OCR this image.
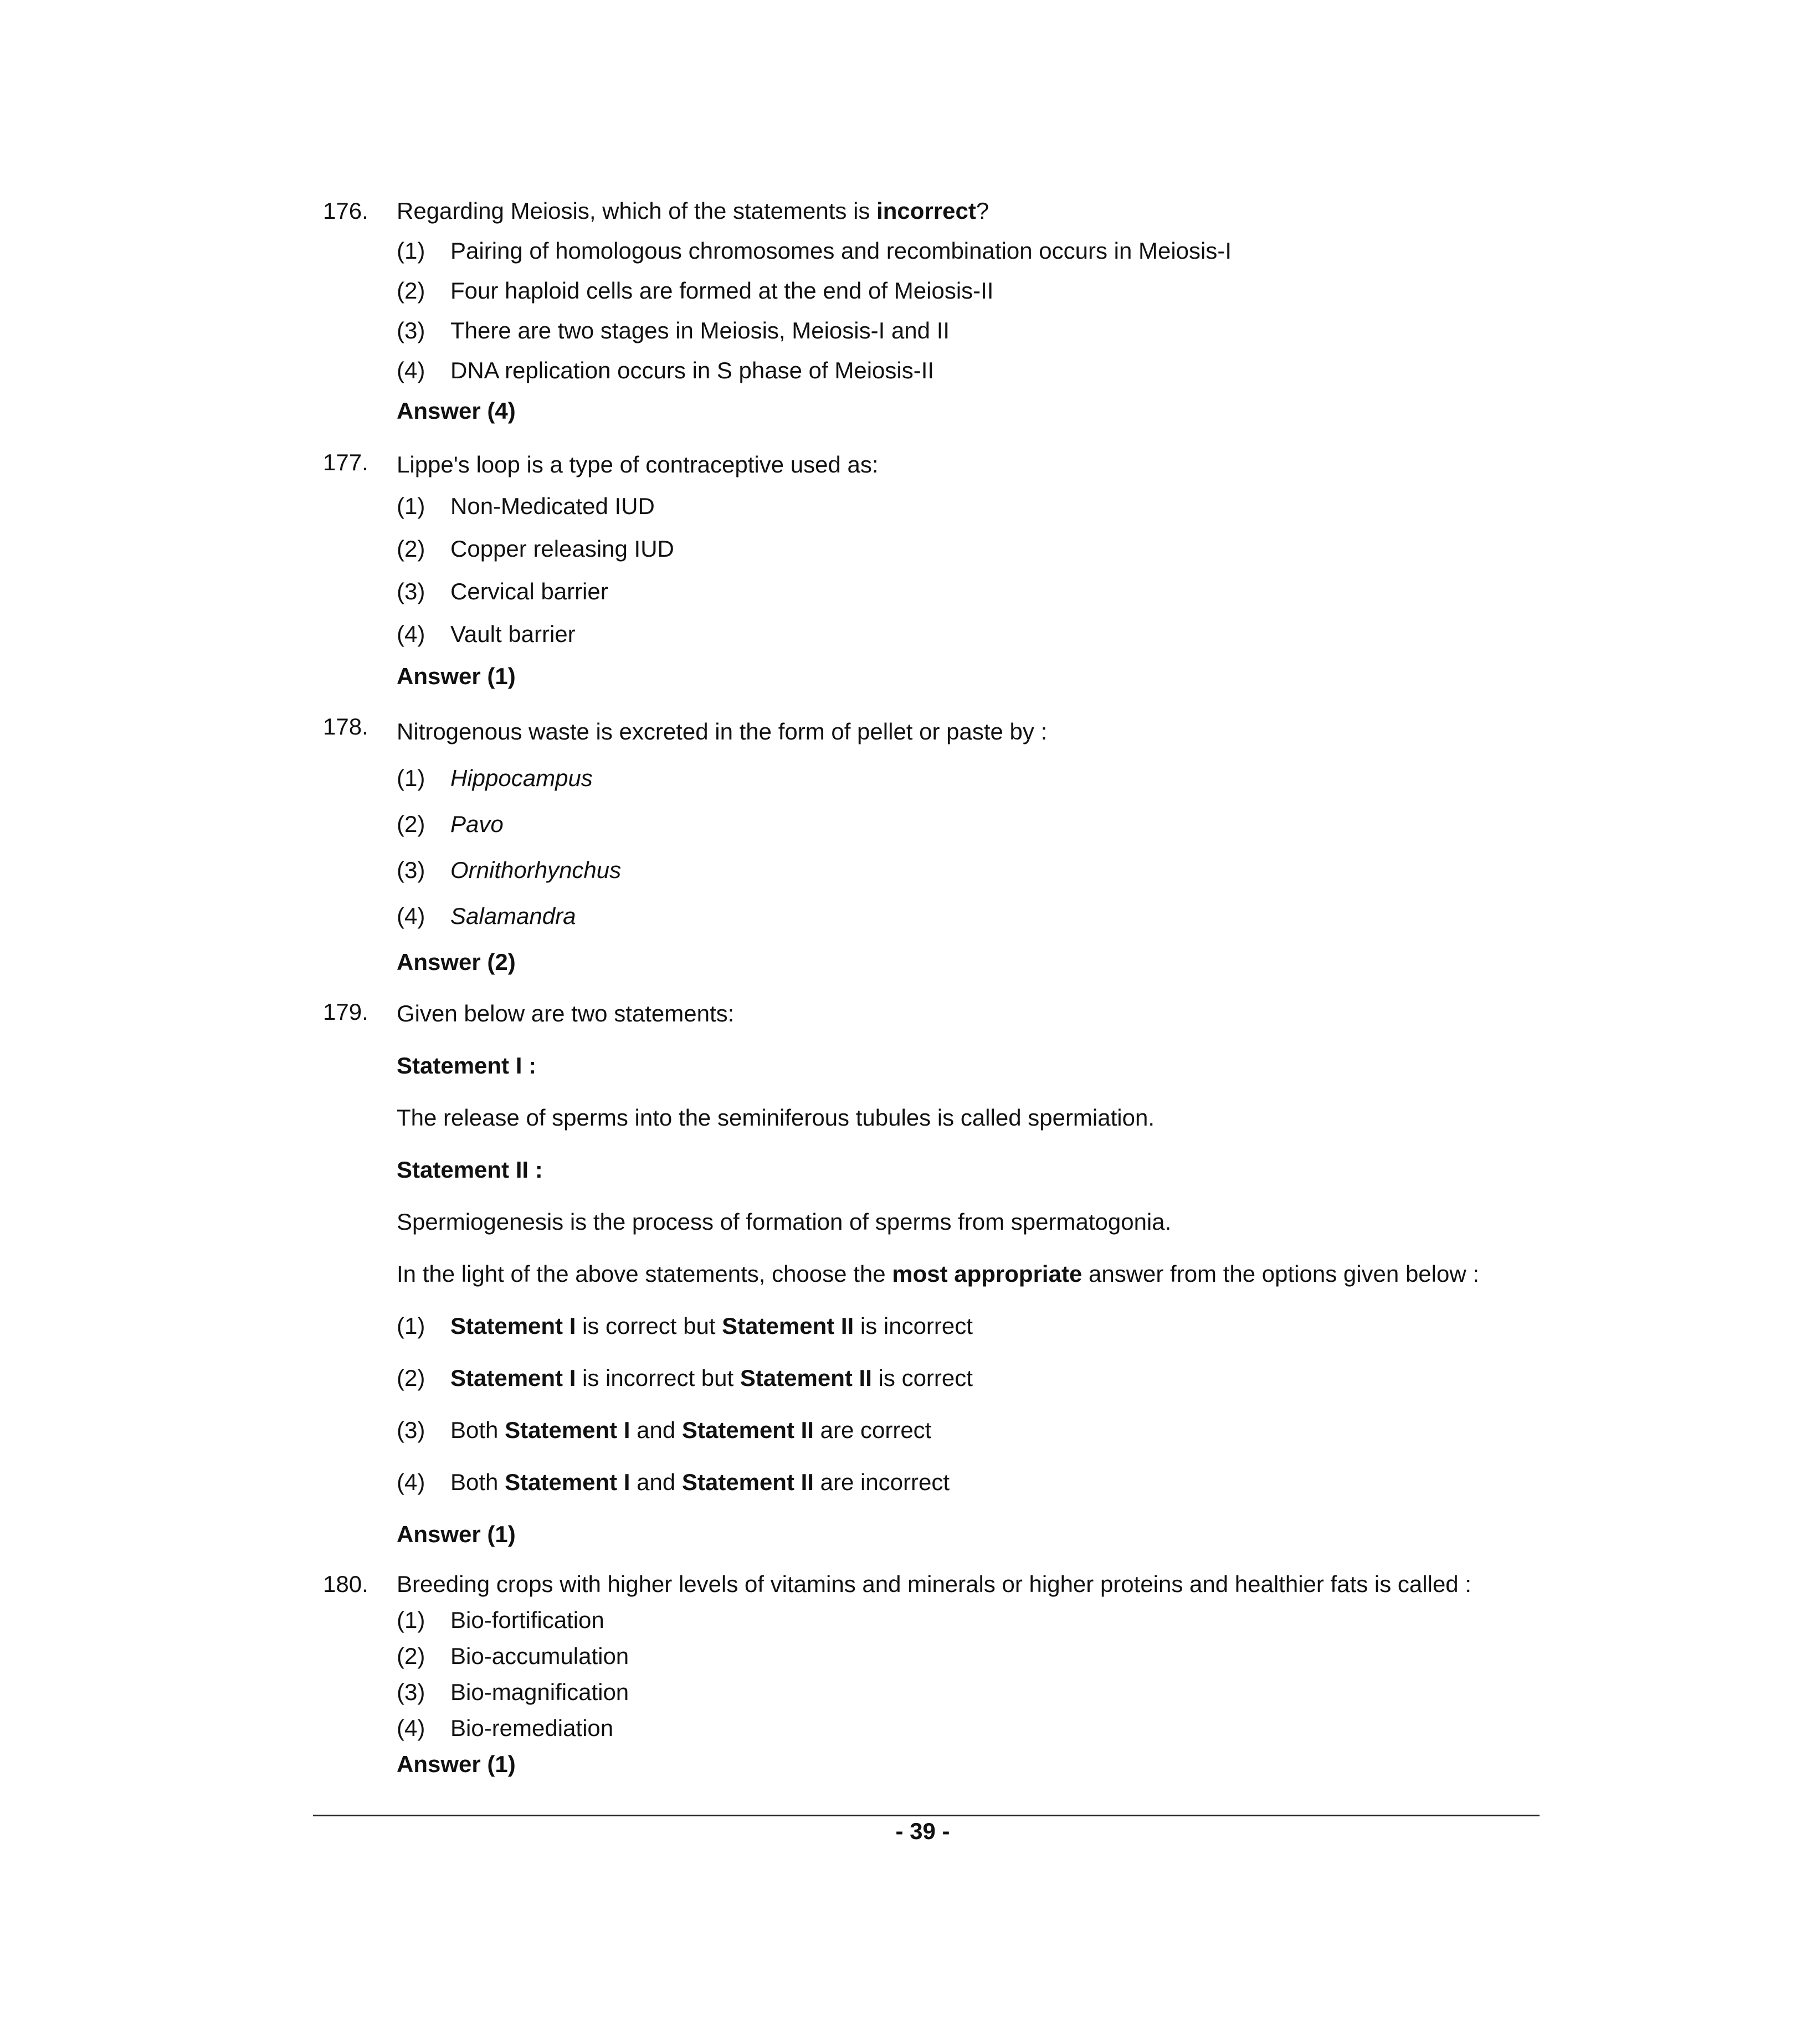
176. Regarding Meiosis, which of the statements is incorrect?
(1) Pairing of homologous chromosomes and recombination occurs in Meiosis-I
(2) Four haploid cells are formed at the end of Meiosis-II
(3) There are two stages in Meiosis, Meiosis-I and II
(4) DNA replication occurs in S phase of Meiosis-II
Answer (4)
177. Lippe's loop is a type of contraceptive used as:
(1) Non-Medicated IUD
(2) Copper releasing IUD
(3) Cervical barrier
(4) Vault barrier
Answer (1)
178. Nitrogenous waste is excreted in the form of pellet or paste by :
(1) Hippocampus
(2) Pavo
(3) Ornithorhynchus
(4) Salamandra
Answer (2)
179. Given below are two statements:
Statement I :
The release of sperms into the seminiferous tubules is called spermiation.
Statement II :
Spermiogenesis is the process of formation of sperms from spermatogonia.
In the light of the above statements, choose the most appropriate answer from the options given below :
(1) Statement I is correct but Statement II is incorrect
(2) Statement I is incorrect but Statement II is correct
(3) Both Statement I and Statement II are correct
(4) Both Statement I and Statement II are incorrect
Answer (1)
180. Breeding crops with higher levels of vitamins and minerals or higher proteins and healthier fats is called :
(1) Bio-fortification
(2) Bio-accumulation
(3) Bio-magnification
(4) Bio-remediation
Answer (1)
- 39 -
